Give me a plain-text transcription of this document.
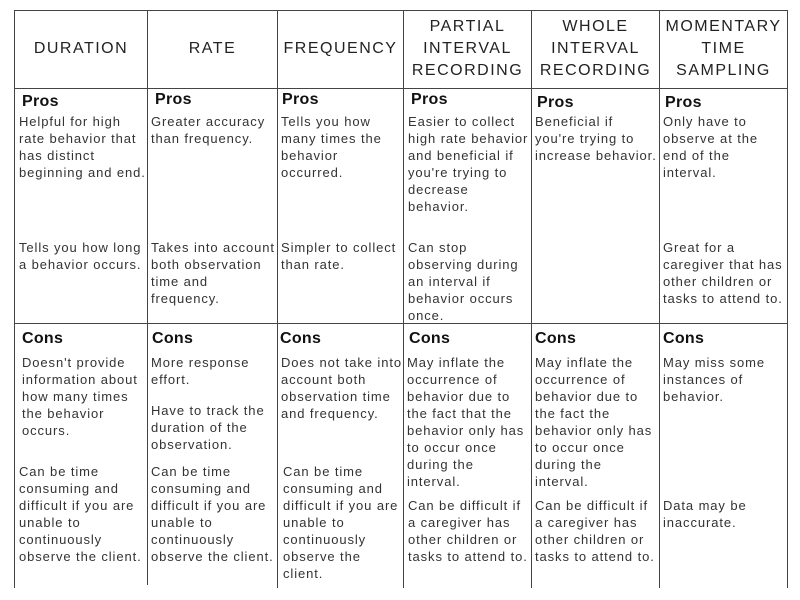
DURATION	RATE	FREQUENCY
PARTIAL INTERVAL RECORDING
WHOLE INTERVAL RECORDING
MOMENTARY TIME SAMPLING
Pros
Helpful for high rate behavior that has distinct beginning and end.
Tells you how long a behavior occurs.
Cons
Doesn't provide information about how many times the behavior occurs.
Can be time consuming and difficult if you are unable to continuously observe the client.
Pros
Greater accuracy than frequency.
Takes into account both observation time and frequency.
Cons
More response effort.
Have to track the duration of the observation.
Can be time consuming and difficult if you are unable to continuously observe the client.
Pros
Tells you how many times the behavior occurred.
Simpler to collect than rate.
Cons
Does not take into account both observation time and frequency.
Can be time consuming and difficult if you are unable to continuously observe the client.
Pros
Easier to collect high rate behavior and beneficial if you're trying to decrease behavior.
Can stop observing during an interval if behavior occurs once.
Cons
May inflate the occurrence of behavior due to the fact that the behavior only has to occur once during the interval.
Can be difficult if a caregiver has other children or tasks to attend to.
Pros
Beneficial if you're trying to increase behavior.
Cons
May inflate the occurrence of behavior due to the fact the behavior only has to occur once during the interval.
Can be difficult if a caregiver has other children or tasks to attend to.
Pros
Only have to observe at the end of the interval.
Great for a caregiver that has other children or tasks to attend to.
Cons
May miss some instances of behavior.
Data may be inaccurate.
